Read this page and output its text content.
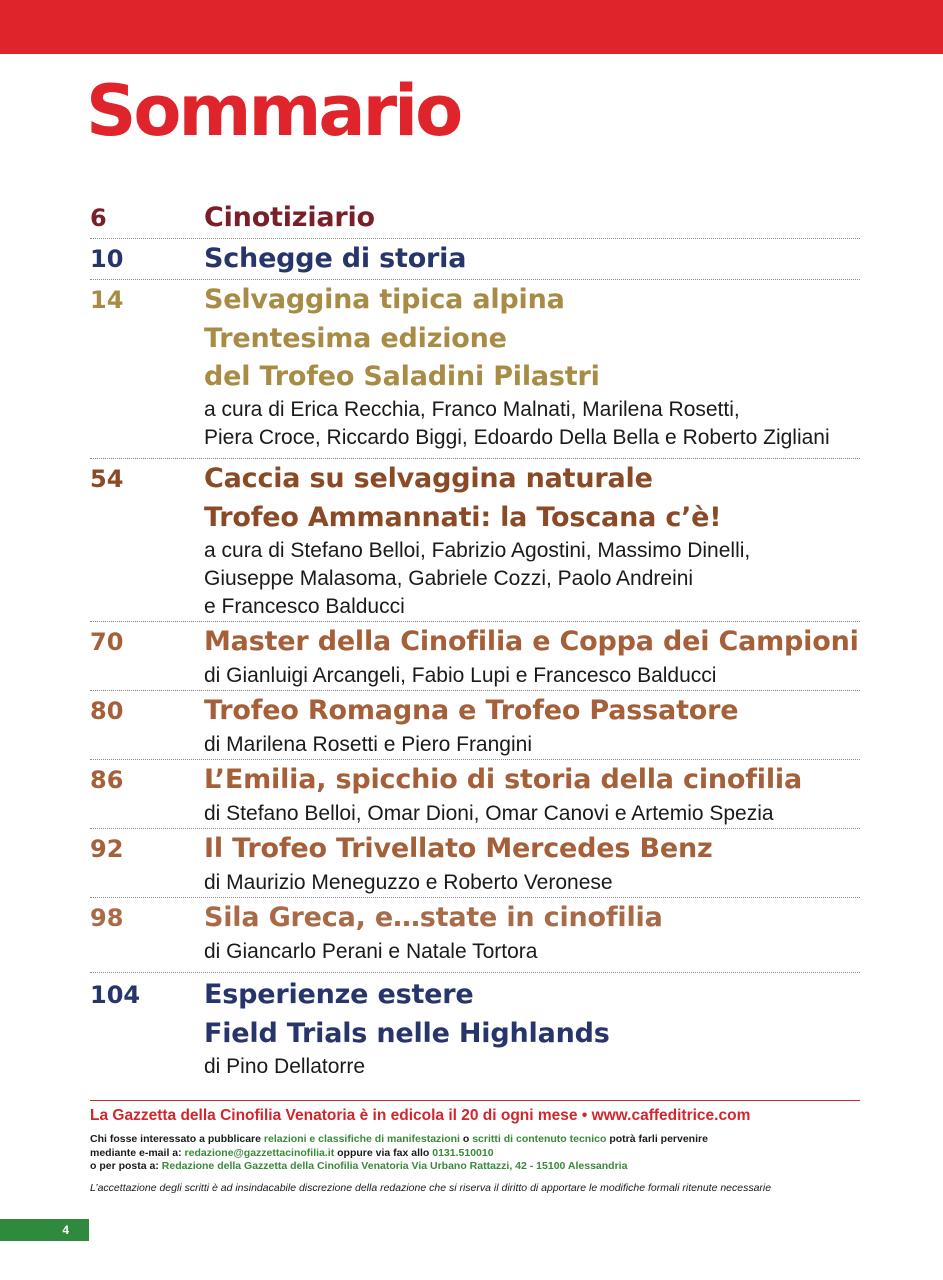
Sommario
6	Cinotiziario
10	Schegge di storia
14	Selvaggina tipica alpina
Trentesima edizione
del Trofeo Saladini Pilastri
a cura di Erica Recchia, Franco Malnati, Marilena Rosetti,
Piera Croce, Riccardo Biggi, Edoardo Della Bella e Roberto Zigliani
54	Caccia su selvaggina naturale
Trofeo Ammannati: la Toscana c’è!
a cura di Stefano Belloi, Fabrizio Agostini, Massimo Dinelli,
Giuseppe Malasoma, Gabriele Cozzi, Paolo Andreini
e Francesco Balducci
70	Master della Cinofilia e Coppa dei Campioni
di Gianluigi Arcangeli, Fabio Lupi e Francesco Balducci
80	Trofeo Romagna e Trofeo Passatore
di Marilena Rosetti e Piero Frangini
86	L’Emilia, spicchio di storia della cinofilia
di Stefano Belloi, Omar Dioni, Omar Canovi e Artemio Spezia
92	Il Trofeo Trivellato Mercedes Benz
di Maurizio Meneguzzo e Roberto Veronese
98	Sila Greca, e…state in cinofilia
di Giancarlo Perani e Natale Tortora
104 Esperienze estere
Field Trials nelle Highlands
di Pino Dellatorre
La Gazzetta della Cinofilia Venatoria è in edicola il 20 di ogni mese • www.caffeditrice.com
Chi fosse interessato a pubblicare relazioni e classifiche di manifestazioni o scritti di contenuto tecnico potrà farli pervenire
mediante e-mail a: redazione@gazzettacinofilia.it oppure via fax allo 0131.510010
o per posta a: Redazione della Gazzetta della Cinofilia Venatoria Via Urbano Rattazzi, 42 - 15100 Alessandria
L’accettazione degli scritti è ad insindacabile discrezione della redazione che si riserva il diritto di apportare le modifiche formali ritenute necessarie
4
